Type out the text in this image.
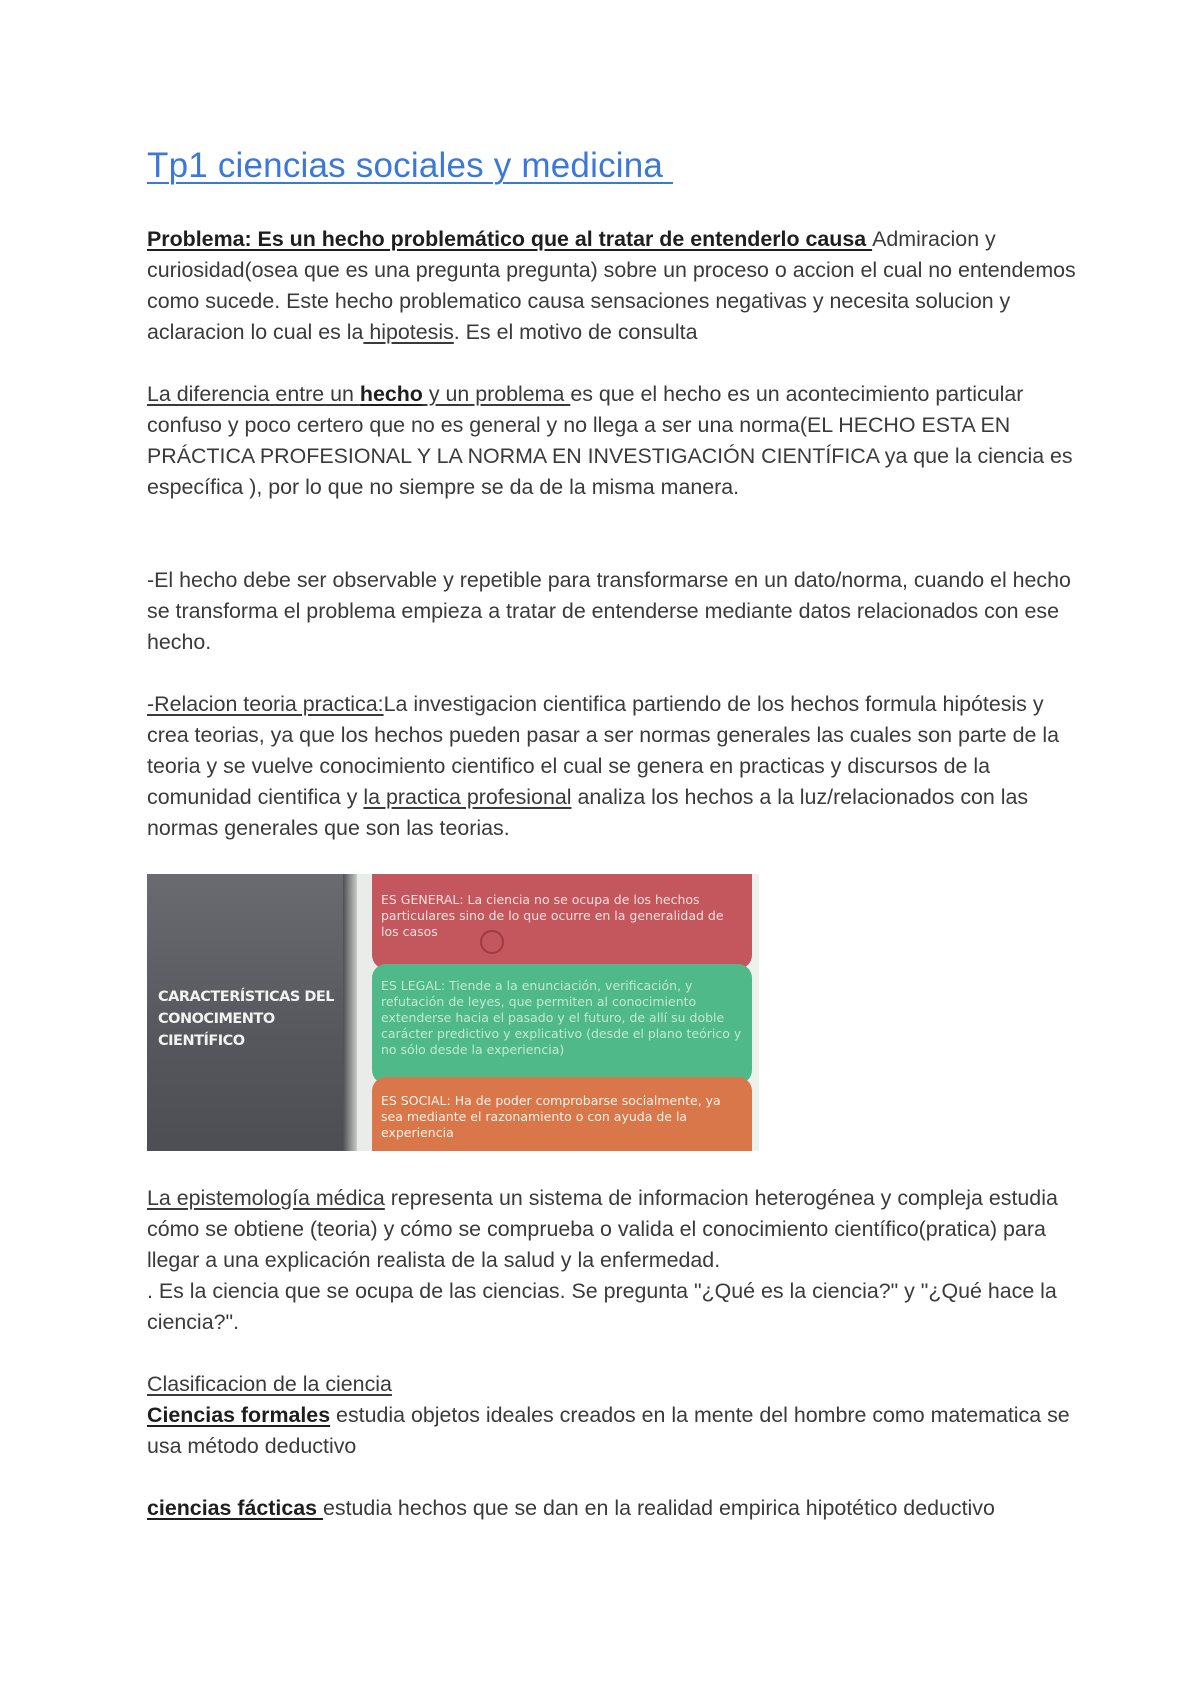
Tp1 ciencias sociales y medicina

Problema: Es un hecho problemático que al tratar de entenderlo causa Admiracion y curiosidad(osea que es una pregunta pregunta) sobre un proceso o accion el cual no entendemos como sucede. Este hecho problematico causa sensaciones negativas y necesita solucion y aclaracion lo cual es la hipotesis. Es el motivo de consulta

La diferencia entre un hecho y un problema es que el hecho es un acontecimiento particular confuso y poco certero que no es general y no llega a ser una norma(EL HECHO ESTA EN PRÁCTICA PROFESIONAL Y LA NORMA EN INVESTIGACIÓN CIENTÍFICA ya que la ciencia es específica ), por lo que no siempre se da de la misma manera.

-El hecho debe ser observable y repetible para transformarse en un dato/norma, cuando el hecho se transforma el problema empieza a tratar de entenderse mediante datos relacionados con ese hecho.

-Relacion teoria practica:La investigacion cientifica partiendo de los hechos formula hipótesis y crea teorias, ya que los hechos pueden pasar a ser normas generales las cuales son parte de la teoria y se vuelve conocimiento cientifico el cual se genera en practicas y discursos de la comunidad cientifica y la practica profesional analiza los hechos a la luz/relacionados con las normas generales que son las teorias.

CARACTERÍSTICAS DEL CONOCIMENTO CIENTÍFICO
ES GENERAL: La ciencia no se ocupa de los hechos particulares sino de lo que ocurre en la generalidad de los casos
ES LEGAL: Tiende a la enunciación, verificación, y refutación de leyes, que permiten al conocimiento extenderse hacia el pasado y el futuro, de allí su doble carácter predictivo y explicativo (desde el plano teórico y no sólo desde la experiencia)
ES SOCIAL: Ha de poder comprobarse socialmente, ya sea mediante el razonamiento o con ayuda de la experiencia

La epistemología médica representa un sistema de informacion heterogénea y compleja estudia cómo se obtiene (teoria) y cómo se comprueba o valida el conocimiento científico(pratica) para llegar a una explicación realista de la salud y la enfermedad.
. Es la ciencia que se ocupa de las ciencias. Se pregunta "¿Qué es la ciencia?" y "¿Qué hace la ciencia?".

Clasificacion de la ciencia
Ciencias formales estudia objetos ideales creados en la mente del hombre como matematica se usa método deductivo

ciencias fácticas estudia hechos que se dan en la realidad empirica hipotético deductivo
